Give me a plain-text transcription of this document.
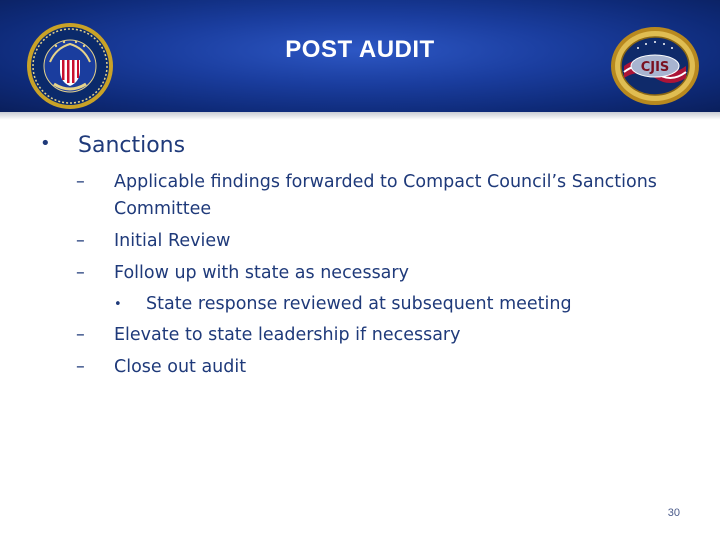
CJIS
POST AUDIT
• Sanctions
– Applicable findings forwarded to Compact Council’s Sanctions
Committee
– Initial Review
– Follow up with state as necessary
• State response reviewed at subsequent meeting
– Elevate to state leadership if necessary
– Close out audit
30
